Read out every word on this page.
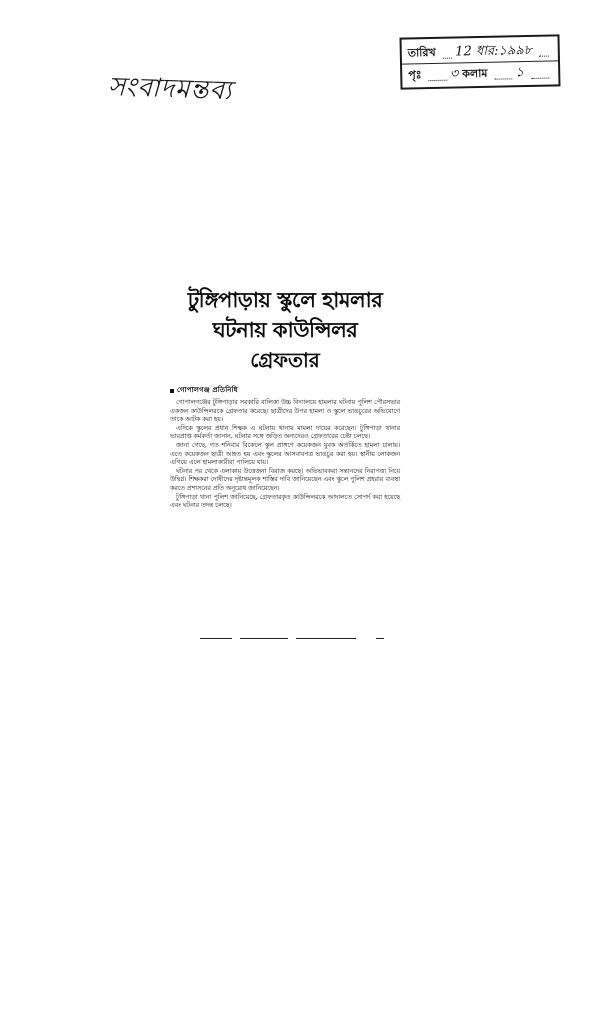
সংবাদমন্তব্য
তারিখ 12 ধার:১৯৯৮
পৃঃ ৩ কলাম ১
টুঙ্গিপাড়ায় স্কুলে হামলার
ঘটনায় কাউন্সিলর
গ্রেফতার
গোপালগঞ্জ প্রতিনিধি

গোপালগঞ্জের টুঙ্গিপাড়ার সরকারি বালিকা উচ্চ বিদ্যালয়ে হামলার ঘটনায় পুলিশ পৌরসভার একজন কাউন্সিলরকে গ্রেফতার করেছে। ছাত্রীদের উপর হামলা ও স্কুলে ভাঙচুরের অভিযোগে তাকে আটক করা হয়।

এদিকে স্কুলের প্রধান শিক্ষক এ ঘটনায় থানায় মামলা দায়ের করেছেন। টুঙ্গিপাড়া থানার ভারপ্রাপ্ত কর্মকর্তা জানান, ঘটনার সঙ্গে জড়িত অন্যদেরও গ্রেফতারের চেষ্টা চলছে।

জানা গেছে, গত শনিবার বিকেলে স্কুল প্রাঙ্গণে কয়েকজন যুবক অতর্কিতে হামলা চালায়। এতে কয়েকজন ছাত্রী আহত হয় এবং স্কুলের আসবাবপত্র ভাঙচুর করা হয়। স্থানীয় লোকজন এগিয়ে এলে হামলাকারীরা পালিয়ে যায়।

ঘটনার পর থেকে এলাকায় উত্তেজনা বিরাজ করছে। অভিভাবকরা সন্তানদের নিরাপত্তা নিয়ে উদ্বিগ্ন। শিক্ষকরা দোষীদের দৃষ্টান্তমূলক শাস্তির দাবি জানিয়েছেন এবং স্কুলে পুলিশ প্রহরার ব্যবস্থা করতে প্রশাসনের প্রতি অনুরোধ জানিয়েছেন।

টুঙ্গিপাড়া থানা পুলিশ জানিয়েছে, গ্রেফতারকৃত কাউন্সিলরকে আদালতে সোপর্দ করা হয়েছে এবং ঘটনার তদন্ত চলছে।
